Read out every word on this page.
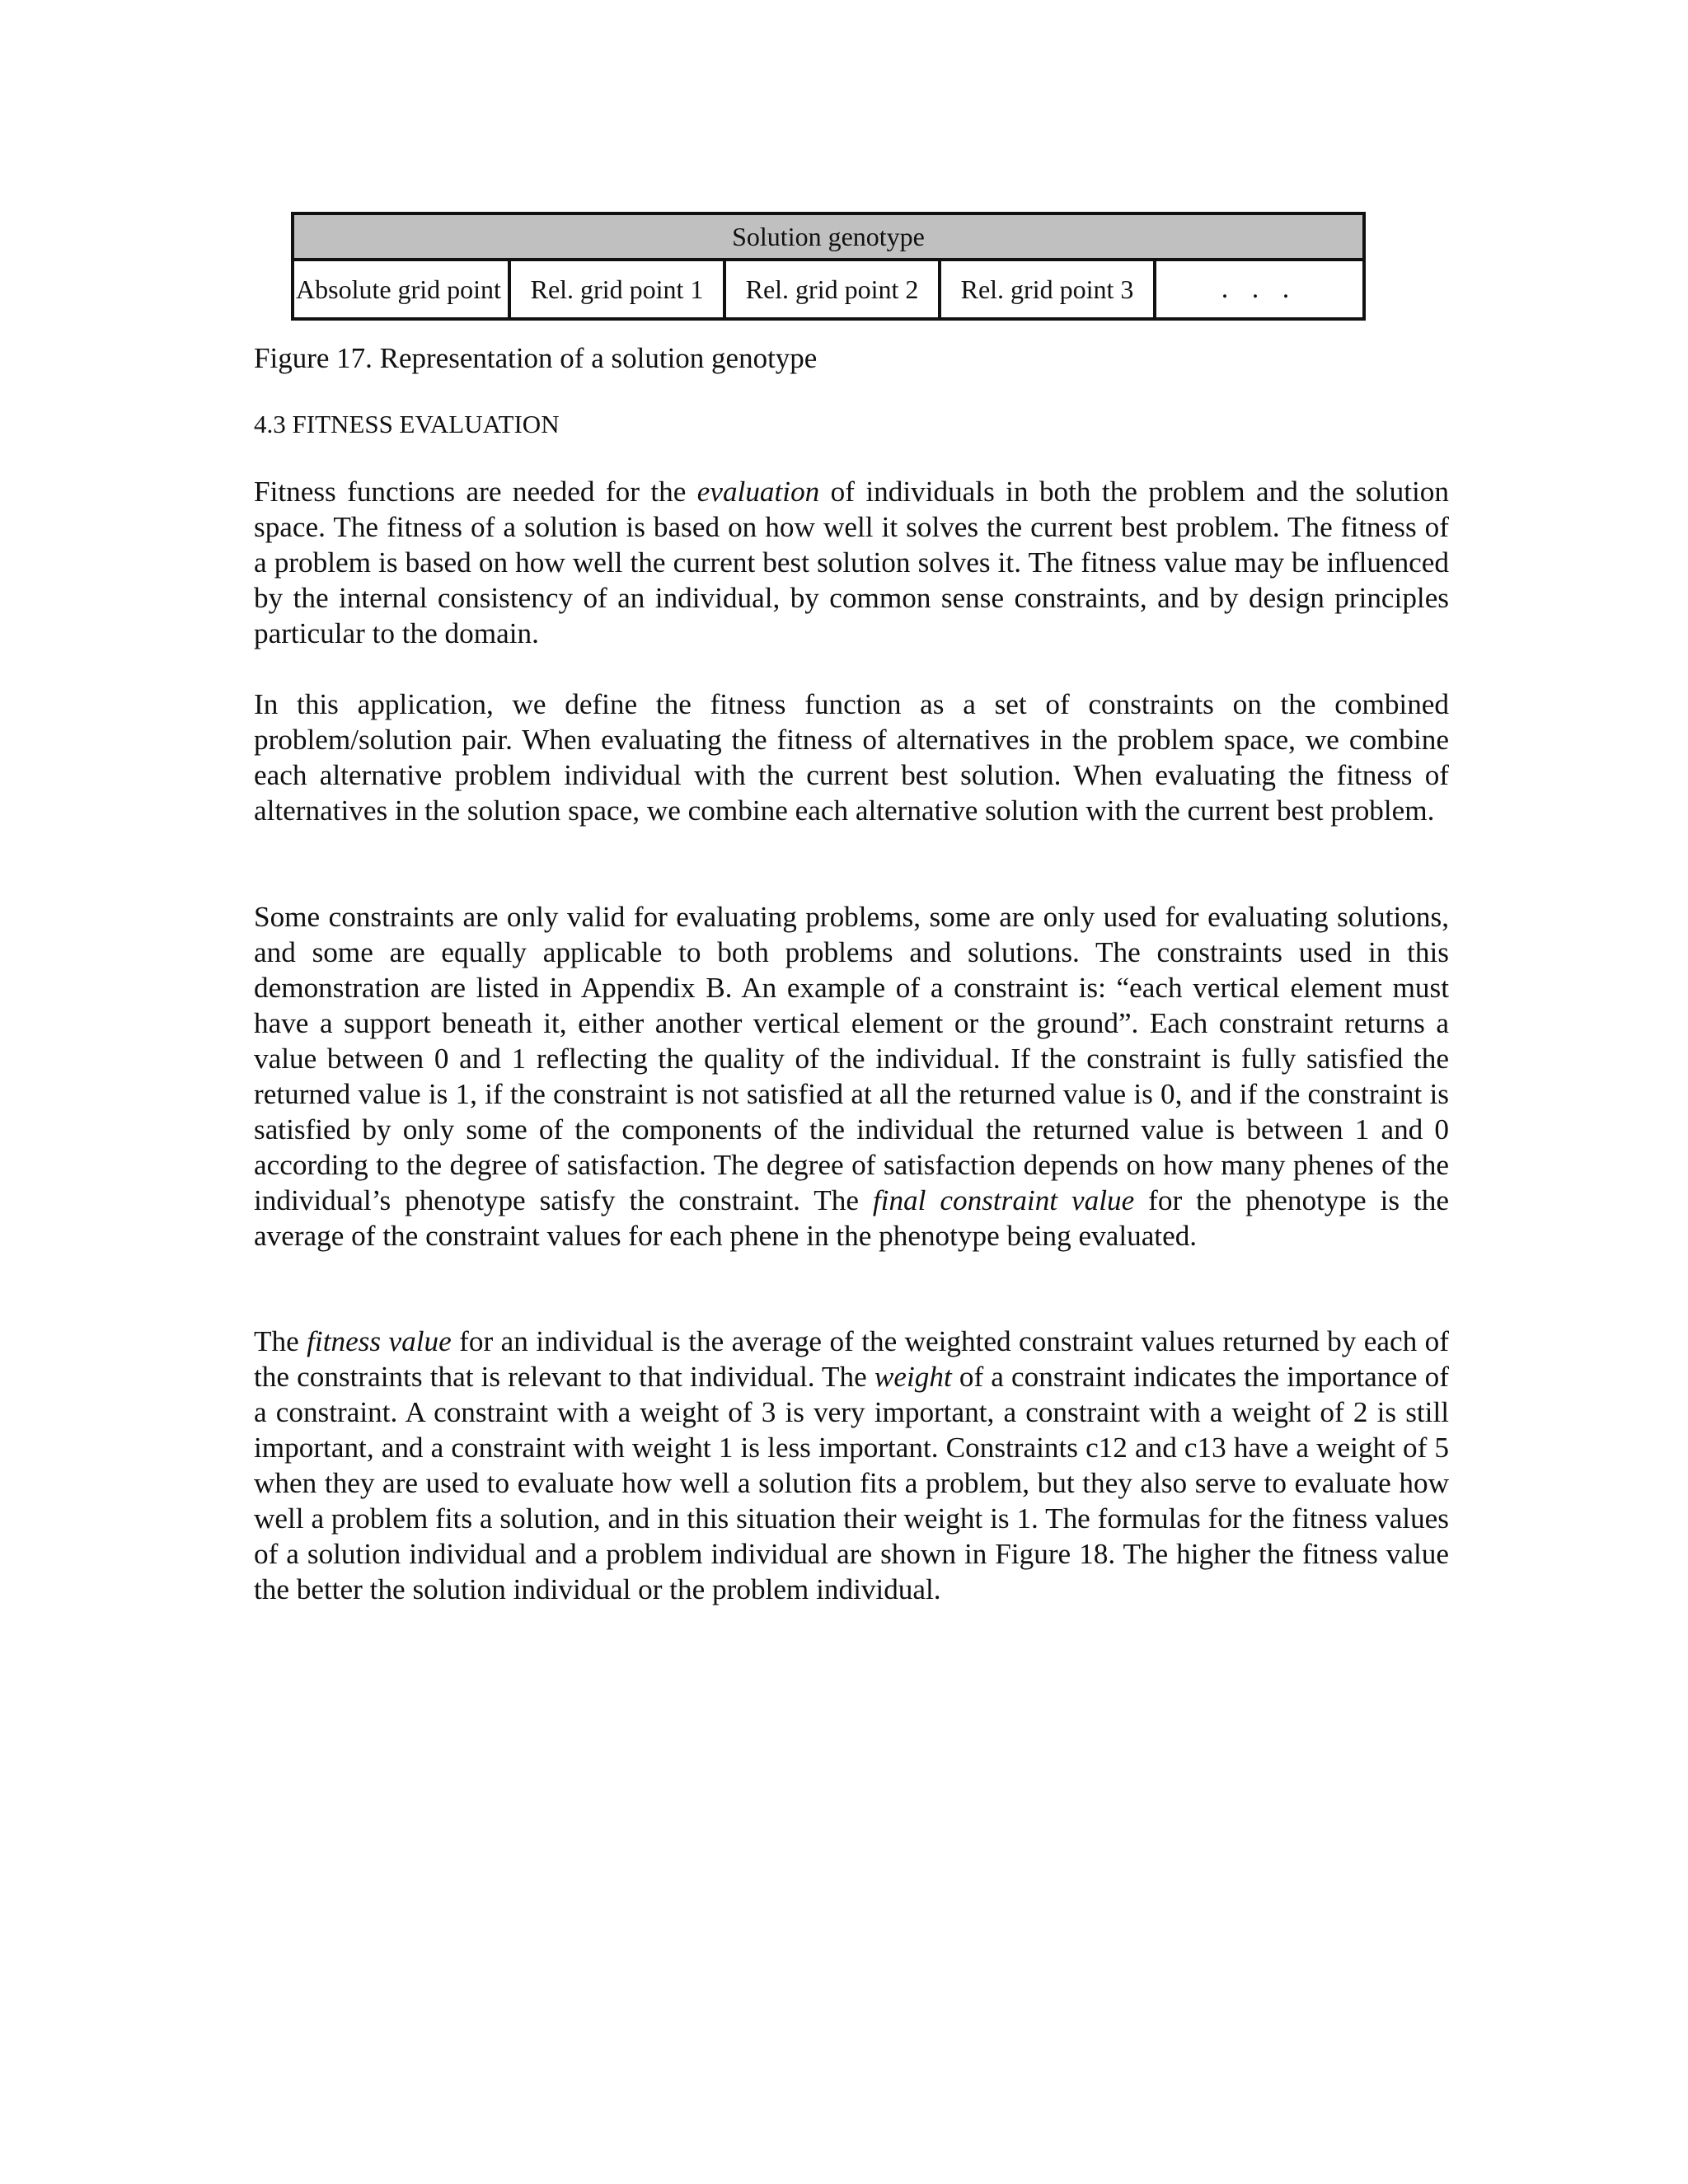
Solution genotype
Absolute grid point	Rel. grid point 1	Rel. grid point 2	Rel. grid point 3	. . .
Figure 17. Representation of a solution genotype
4.3 FITNESS EVALUATION

Fitness functions are needed for the evaluation of individuals in both the problem and the solution space. The fitness of a solution is based on how well it solves the current best problem. The fitness of a problem is based on how well the current best solution solves it. The fitness value may be influenced by the internal consistency of an individual, by common sense constraints, and by design principles particular to the domain.

In this application, we define the fitness function as a set of constraints on the combined problem/solution pair. When evaluating the fitness of alternatives in the problem space, we combine each alternative problem individual with the current best solution. When evaluating the fitness of alternatives in the solution space, we combine each alternative solution with the current best problem.

Some constraints are only valid for evaluating problems, some are only used for evaluating solutions, and some are equally applicable to both problems and solutions. The constraints used in this demonstration are listed in Appendix B. An example of a constraint is: “each vertical element must have a support beneath it, either another vertical element or the ground”. Each constraint returns a value between 0 and 1 reflecting the quality of the individual. If the constraint is fully satisfied the returned value is 1, if the constraint is not satisfied at all the returned value is 0, and if the constraint is satisfied by only some of the components of the individual the returned value is between 1 and 0 according to the degree of satisfaction. The degree of satisfaction depends on how many phenes of the individual’s phenotype satisfy the constraint. The final constraint value for the phenotype is the average of the constraint values for each phene in the phenotype being evaluated.

The fitness value for an individual is the average of the weighted constraint values returned by each of the constraints that is relevant to that individual. The weight of a constraint indicates the importance of a constraint. A constraint with a weight of 3 is very important, a constraint with a weight of 2 is still important, and a constraint with weight 1 is less important. Constraints c12 and c13 have a weight of 5 when they are used to evaluate how well a solution fits a problem, but they also serve to evaluate how well a problem fits a solution, and in this situation their weight is 1. The formulas for the fitness values of a solution individual and a problem individual are shown in Figure 18. The higher the fitness value the better the solution individual or the problem individual.
